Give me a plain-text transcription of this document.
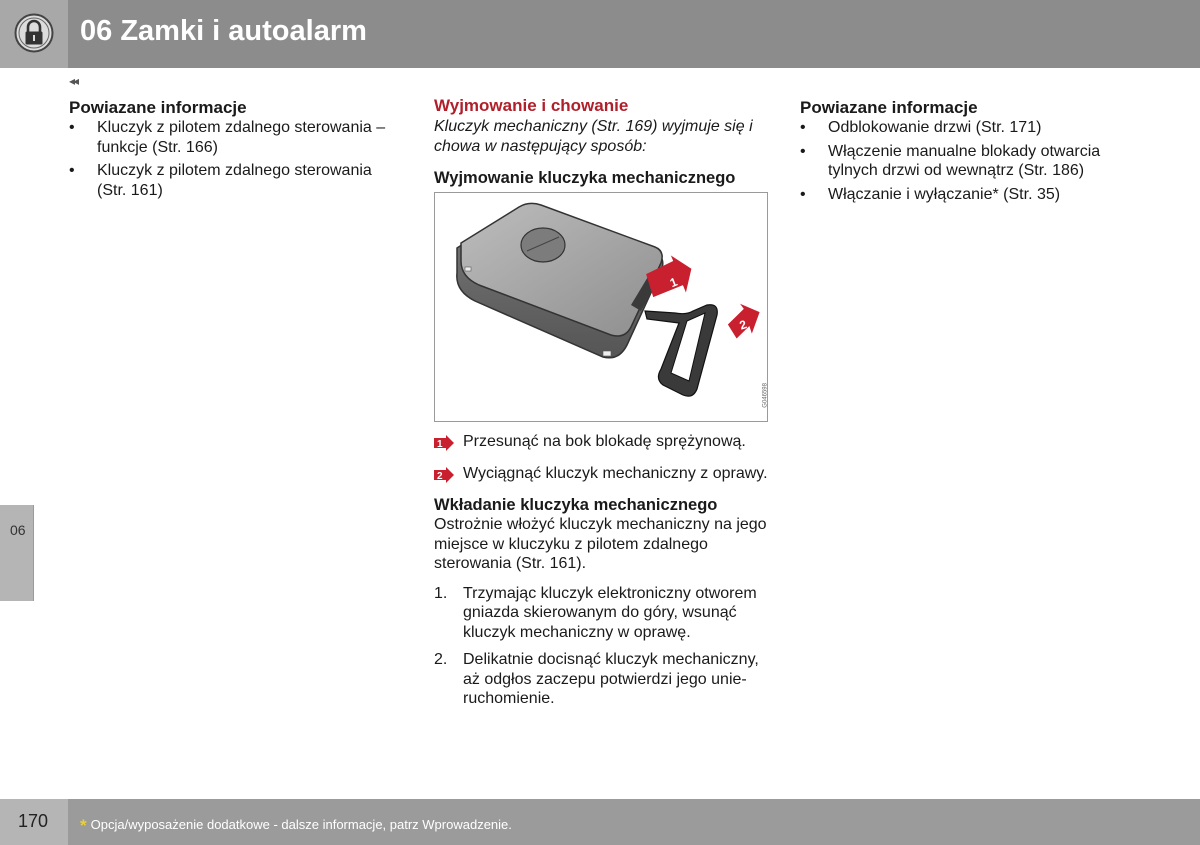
06 Zamki i autoalarm
◂◂
06
Powiazane informacje
•	Kluczyk z pilotem zdalnego sterowania – funkcje (Str. 166)
•	Kluczyk z pilotem zdalnego sterowania (Str. 161)
Wyjmowanie i chowanie

Kluczyk mechaniczny (Str. 169) wyjmuje się i chowa w następujący sposób:

Wyjmowanie kluczyka mechanicznego
1
2
G046598
1 Przesunąć na bok blokadę sprężynową.
2 Wyciągnąć kluczyk mechaniczny z oprawy.
Wkładanie kluczyka mechanicznego

Ostrożnie włożyć kluczyk mechaniczny na jego miejsce w kluczyku z pilotem zdalnego sterowania (Str. 161).

1. Trzymając kluczyk elektroniczny otworem gniazda skierowanym do góry, wsunąć kluczyk mechaniczny w oprawę.
2. Delikatnie docisnąć kluczyk mechaniczny, aż odgłos zaczepu potwierdzi jego unie-ruchomienie.
Powiazane informacje
•	Odblokowanie drzwi (Str. 171)
•	Włączenie manualne blokady otwarcia tylnych drzwi od wewnątrz (Str. 186)
•	Włączanie i wyłączanie* (Str. 35)
170 * Opcja/wyposażenie dodatkowe - dalsze informacje, patrz Wprowadzenie.
